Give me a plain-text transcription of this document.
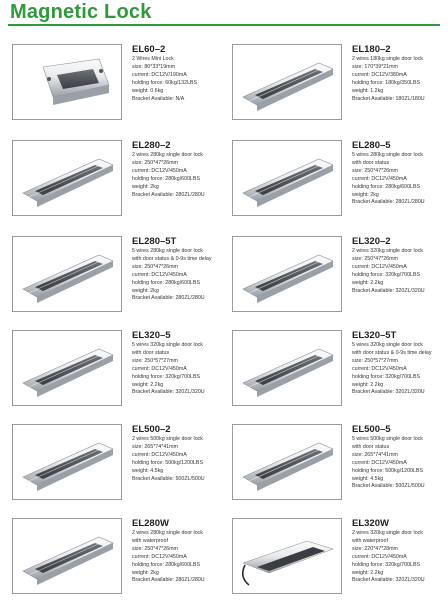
Magnetic Lock
EL60–2
2 Wires Mini Lock
size: 80*33*19mm
current: DC12V/190mA
holding force: 60kg/132LBS
weight: 0.6kg
Bracket Available: N/A
EL180–2
2 wires 180kg single door lock
size: 170*39*21mm
current: DC12V/380mA
holding force: 180kg/350LBS
weight: 1.2kg
Bracket Available: 180ZL/180U
EL280–2
2 wires 280kg single door lock
size: 250*47*26mm
current: DC12V/450mA
holding force: 280kg/600LBS
weight: 2kg
Bracket Available: 280ZL/280U
EL280–5
5 wires 280kg single door lock
with door status
size: 250*47*26mm
current: DC12V/450mA
holding force: 280kg/600LBS
weight: 2kg
Bracket Available: 280ZL/280U
EL280–5T
5 wires 280kg single door lock
with door status & 0-9s time delay
size: 250*47*26mm
current: DC12V/450mA
holding force: 280kg/600LBS
weight: 2kg
Bracket Available: 280ZL/280U
EL320–2
2 wires 320kg single door lock
size: 250*47*26mm
current: DC12V/450mA
holding force: 320kg/700LBS
weight: 2.2kg
Bracket Available: 320ZL/320U
EL320–5
5 wires 320kg single door lock
with door status
size: 250*57*27mm
current: DC12V/450mA
holding force: 320kg/700LBS
weight: 2.2kg
Bracket Available: 320ZL/320U
EL320–5T
5 wires 320kg single door lock
with door status & 0-9s time delay
size: 250*57*27mm
current: DC12V/450mA
holding force: 320kg/700LBS
weight: 2.2kg
Bracket Available: 320ZL/320U
EL500–2
2 wires 500kg single door lock
size: 265*74*41mm
current: DC12V/450mA
holding force: 500kg/1200LBS
weight: 4.5kg
Bracket Available: 500ZL/500U
EL500–5
5 wires 500kg single door lock
with door status
size: 265*74*41mm
current: DC12V/450mA
holding force: 500kg/1200LBS
weight: 4.5kg
Bracket Available: 500ZL/500U
EL280W
2 wires 280kg single door lock
with waterproof
size: 250*47*26mm
current: DC12V/450mA
holding force: 280kg/600LBS
weight: 2kg
Bracket Available: 280ZL/280U
EL320W
2 wires 320kg single door lock
with waterproof
size: 220*47*28mm
current: DC12V/450mA
holding force: 320kg/700LBS
weight: 2.2kg
Bracket Available: 320ZL/320U
